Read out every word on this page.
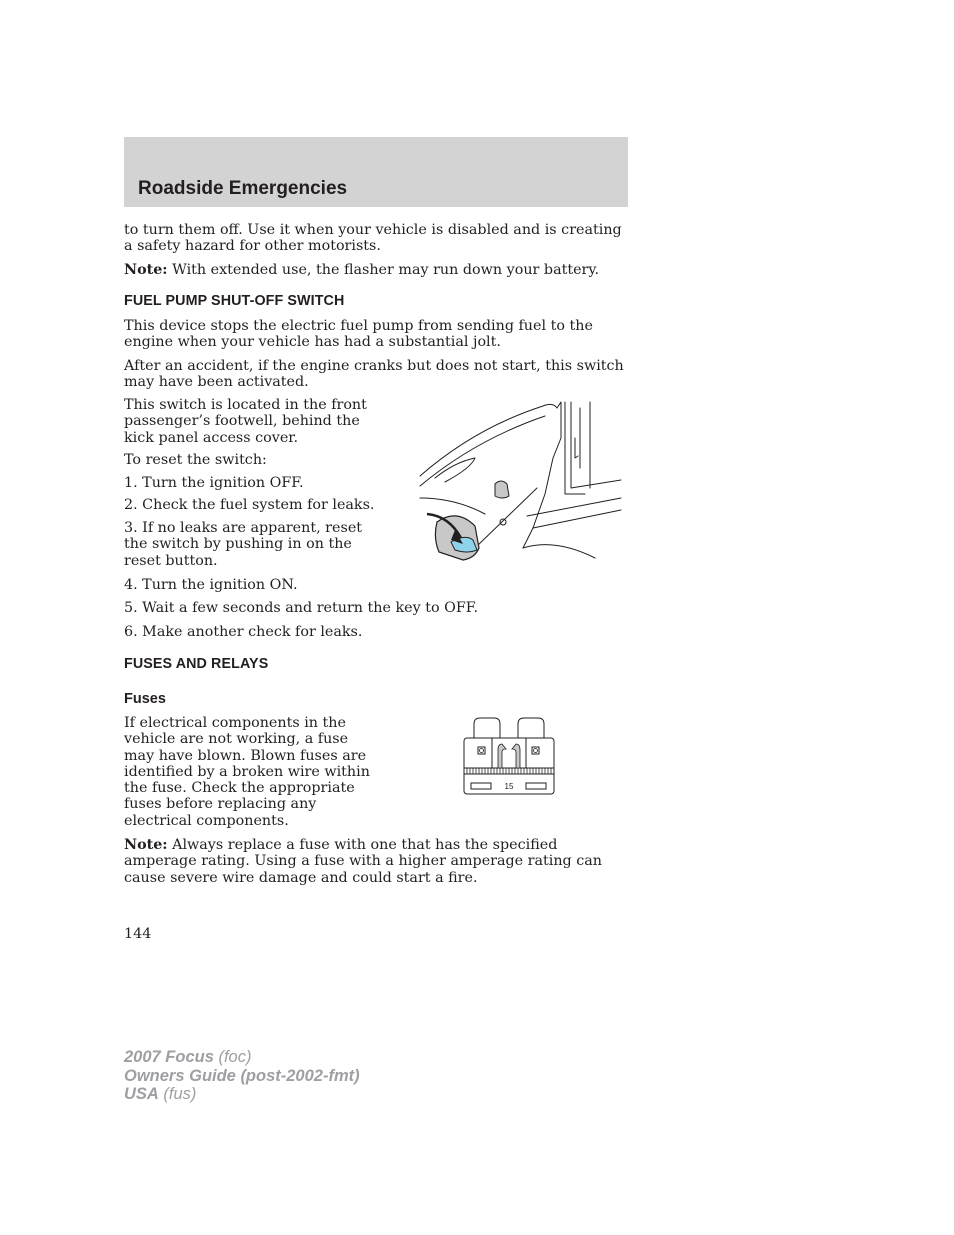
Roadside Emergencies
to turn them off. Use it when your vehicle is disabled and is creating a safety hazard for other motorists.
Note: With extended use, the flasher may run down your battery.
FUEL PUMP SHUT-OFF SWITCH
This device stops the electric fuel pump from sending fuel to the engine when your vehicle has had a substantial jolt.
After an accident, if the engine cranks but does not start, this switch may have been activated.
This switch is located in the front passenger’s footwell, behind the kick panel access cover.
To reset the switch:
1. Turn the ignition OFF.
2. Check the fuel system for leaks.
3. If no leaks are apparent, reset the switch by pushing in on the reset button.
4. Turn the ignition ON.
5. Wait a few seconds and return the key to OFF.
6. Make another check for leaks.
FUSES AND RELAYS
Fuses
If electrical components in the vehicle are not working, a fuse may have blown. Blown fuses are identified by a broken wire within the fuse. Check the appropriate fuses before replacing any electrical components.
Note: Always replace a fuse with one that has the specified amperage rating. Using a fuse with a higher amperage rating can cause severe wire damage and could start a fire.
15
144
2007 Focus (foc)
Owners Guide (post-2002-fmt)
USA (fus)
